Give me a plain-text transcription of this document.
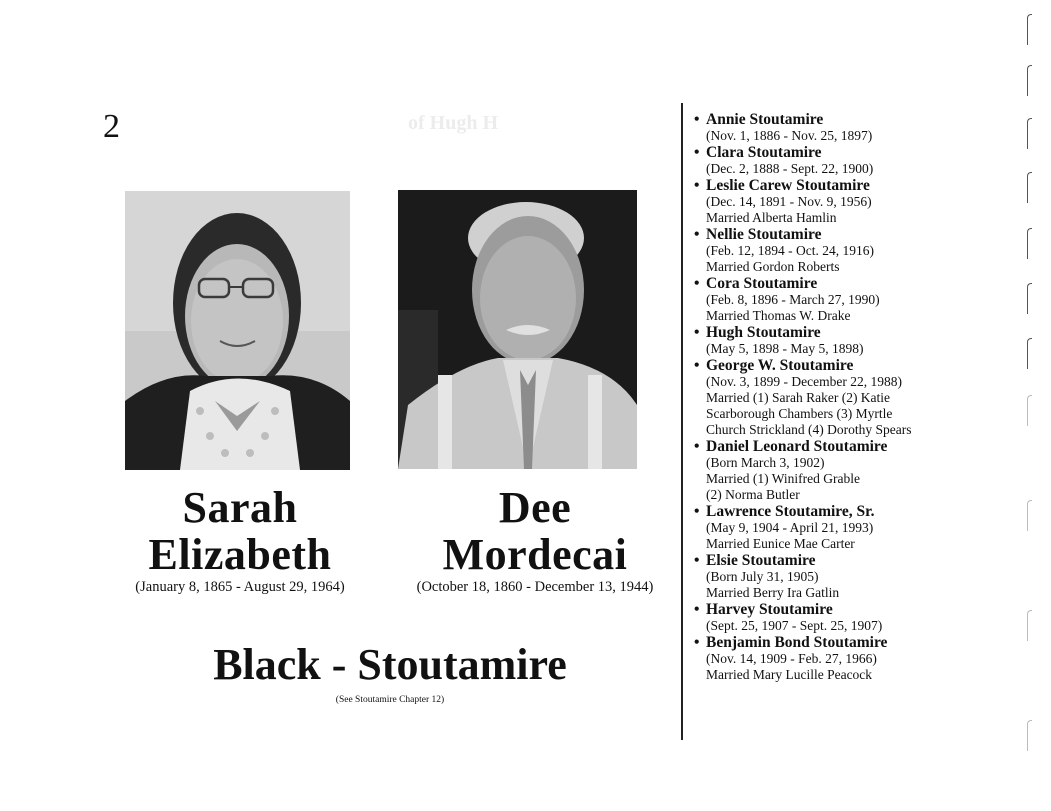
2	of Hugh H
Sarah
Elizabeth
(January 8, 1865 - August 29, 1964)
Dee
Mordecai
(October 18, 1860 - December 13, 1944)
Black - Stoutamire
(See Stoutamire Chapter 12)
• Annie Stoutamire
(Nov. 1, 1886 - Nov. 25, 1897)
• Clara Stoutamire
(Dec. 2, 1888 - Sept. 22, 1900)
• Leslie Carew Stoutamire
(Dec. 14, 1891 - Nov. 9, 1956)
Married Alberta Hamlin
• Nellie Stoutamire
(Feb. 12, 1894 - Oct. 24, 1916)
Married Gordon Roberts
• Cora Stoutamire
(Feb. 8, 1896 - March 27, 1990)
Married Thomas W. Drake
• Hugh Stoutamire
(May 5, 1898 - May 5, 1898)
• George W. Stoutamire
(Nov. 3, 1899 - December 22, 1988)
Married (1) Sarah Raker (2) Katie
Scarborough Chambers (3) Myrtle
Church Strickland (4) Dorothy Spears
• Daniel Leonard Stoutamire
(Born March 3, 1902)
Married (1) Winifred Grable
(2) Norma Butler
• Lawrence Stoutamire, Sr.
(May 9, 1904 - April 21, 1993)
Married Eunice Mae Carter
• Elsie Stoutamire
(Born July 31, 1905)
Married Berry Ira Gatlin
• Harvey Stoutamire
(Sept. 25, 1907 - Sept. 25, 1907)
• Benjamin Bond Stoutamire
(Nov. 14, 1909 - Feb. 27, 1966)
Married Mary Lucille Peacock
